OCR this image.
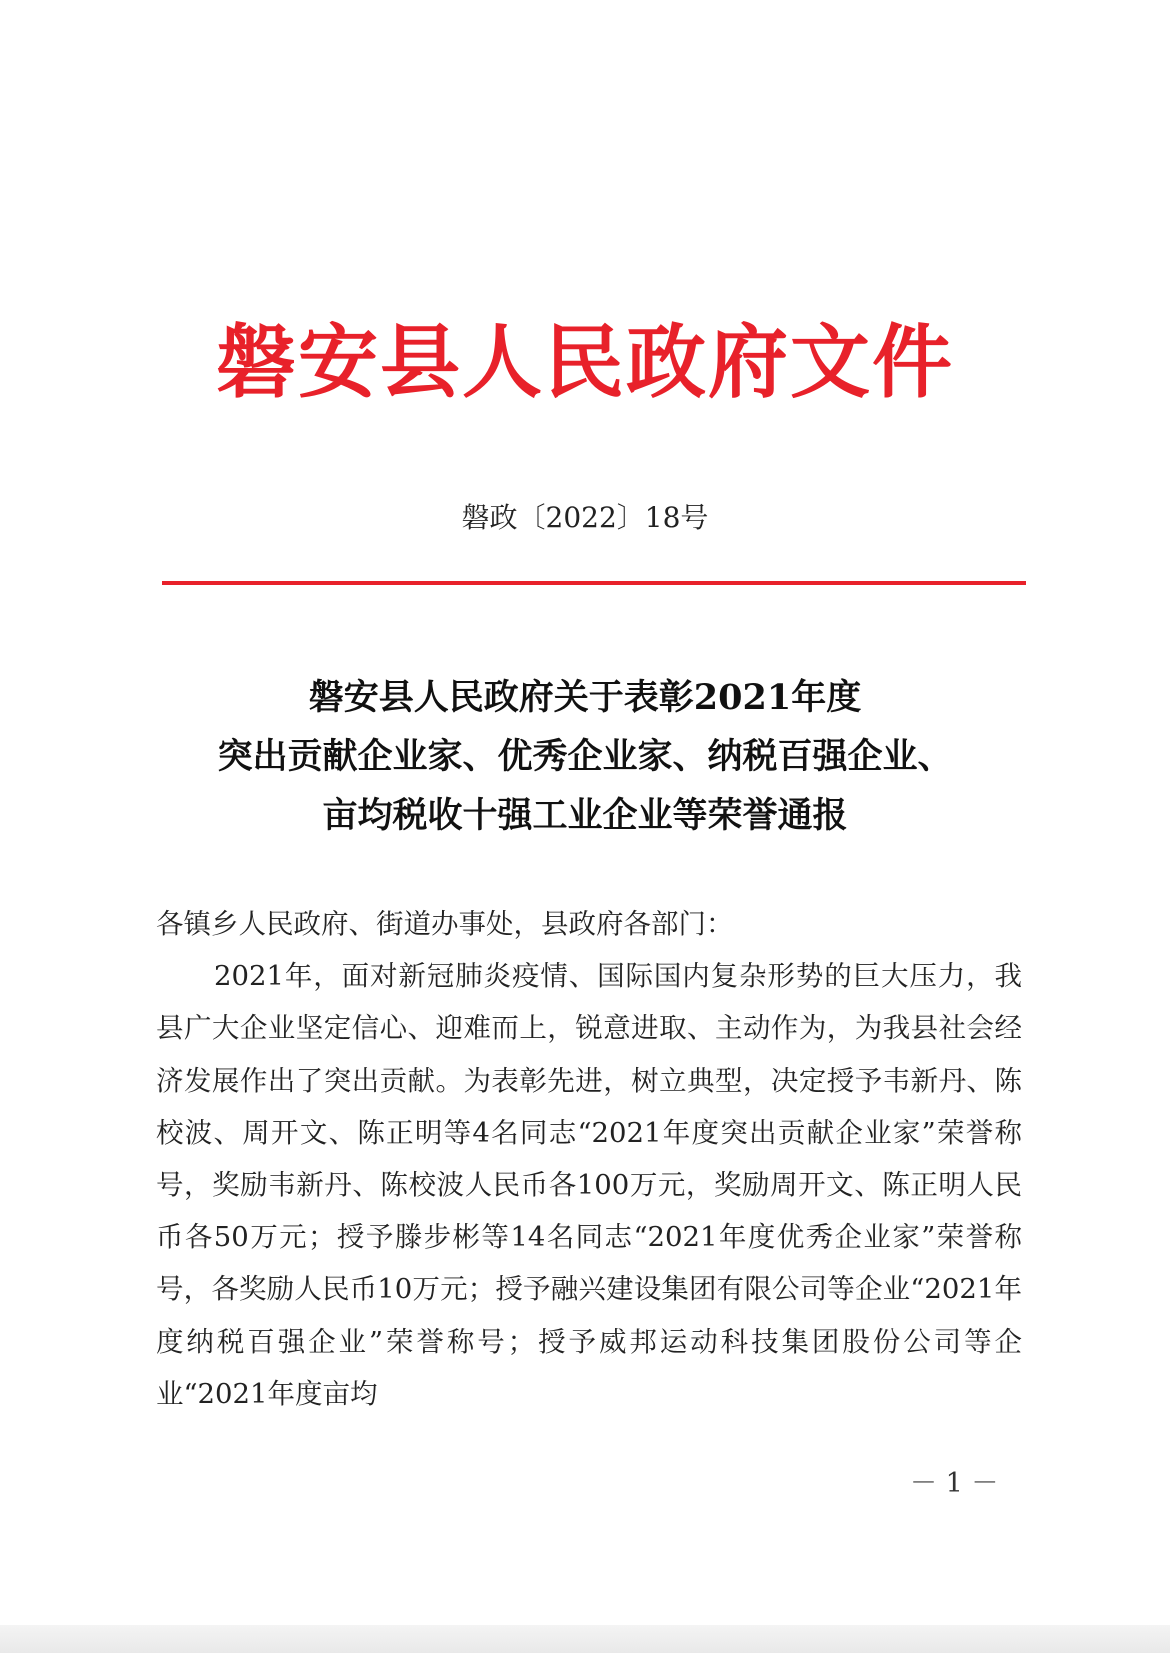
磐安县人民政府文件
磐政〔2022〕18号
磐安县人民政府关于表彰2021年度
突出贡献企业家、优秀企业家、纳税百强企业、
亩均税收十强工业企业等荣誉通报

各镇乡人民政府、街道办事处，县政府各部门：

2021年，面对新冠肺炎疫情、国际国内复杂形势的巨大压力，我县广大企业坚定信心、迎难而上，锐意进取、主动作为，为我县社会经济发展作出了突出贡献。为表彰先进，树立典型，决定授予韦新丹、陈校波、周开文、陈正明等4名同志“2021年度突出贡献企业家”荣誉称号，奖励韦新丹、陈校波人民币各100万元，奖励周开文、陈正明人民币各50万元；授予滕步彬等14名同志“2021年度优秀企业家”荣誉称号，各奖励人民币10万元；授予融兴建设集团有限公司等企业“2021年度纳税百强企业”荣誉称号；授予威邦运动科技集团股份公司等企业“2021年度亩均

－ 1 －
